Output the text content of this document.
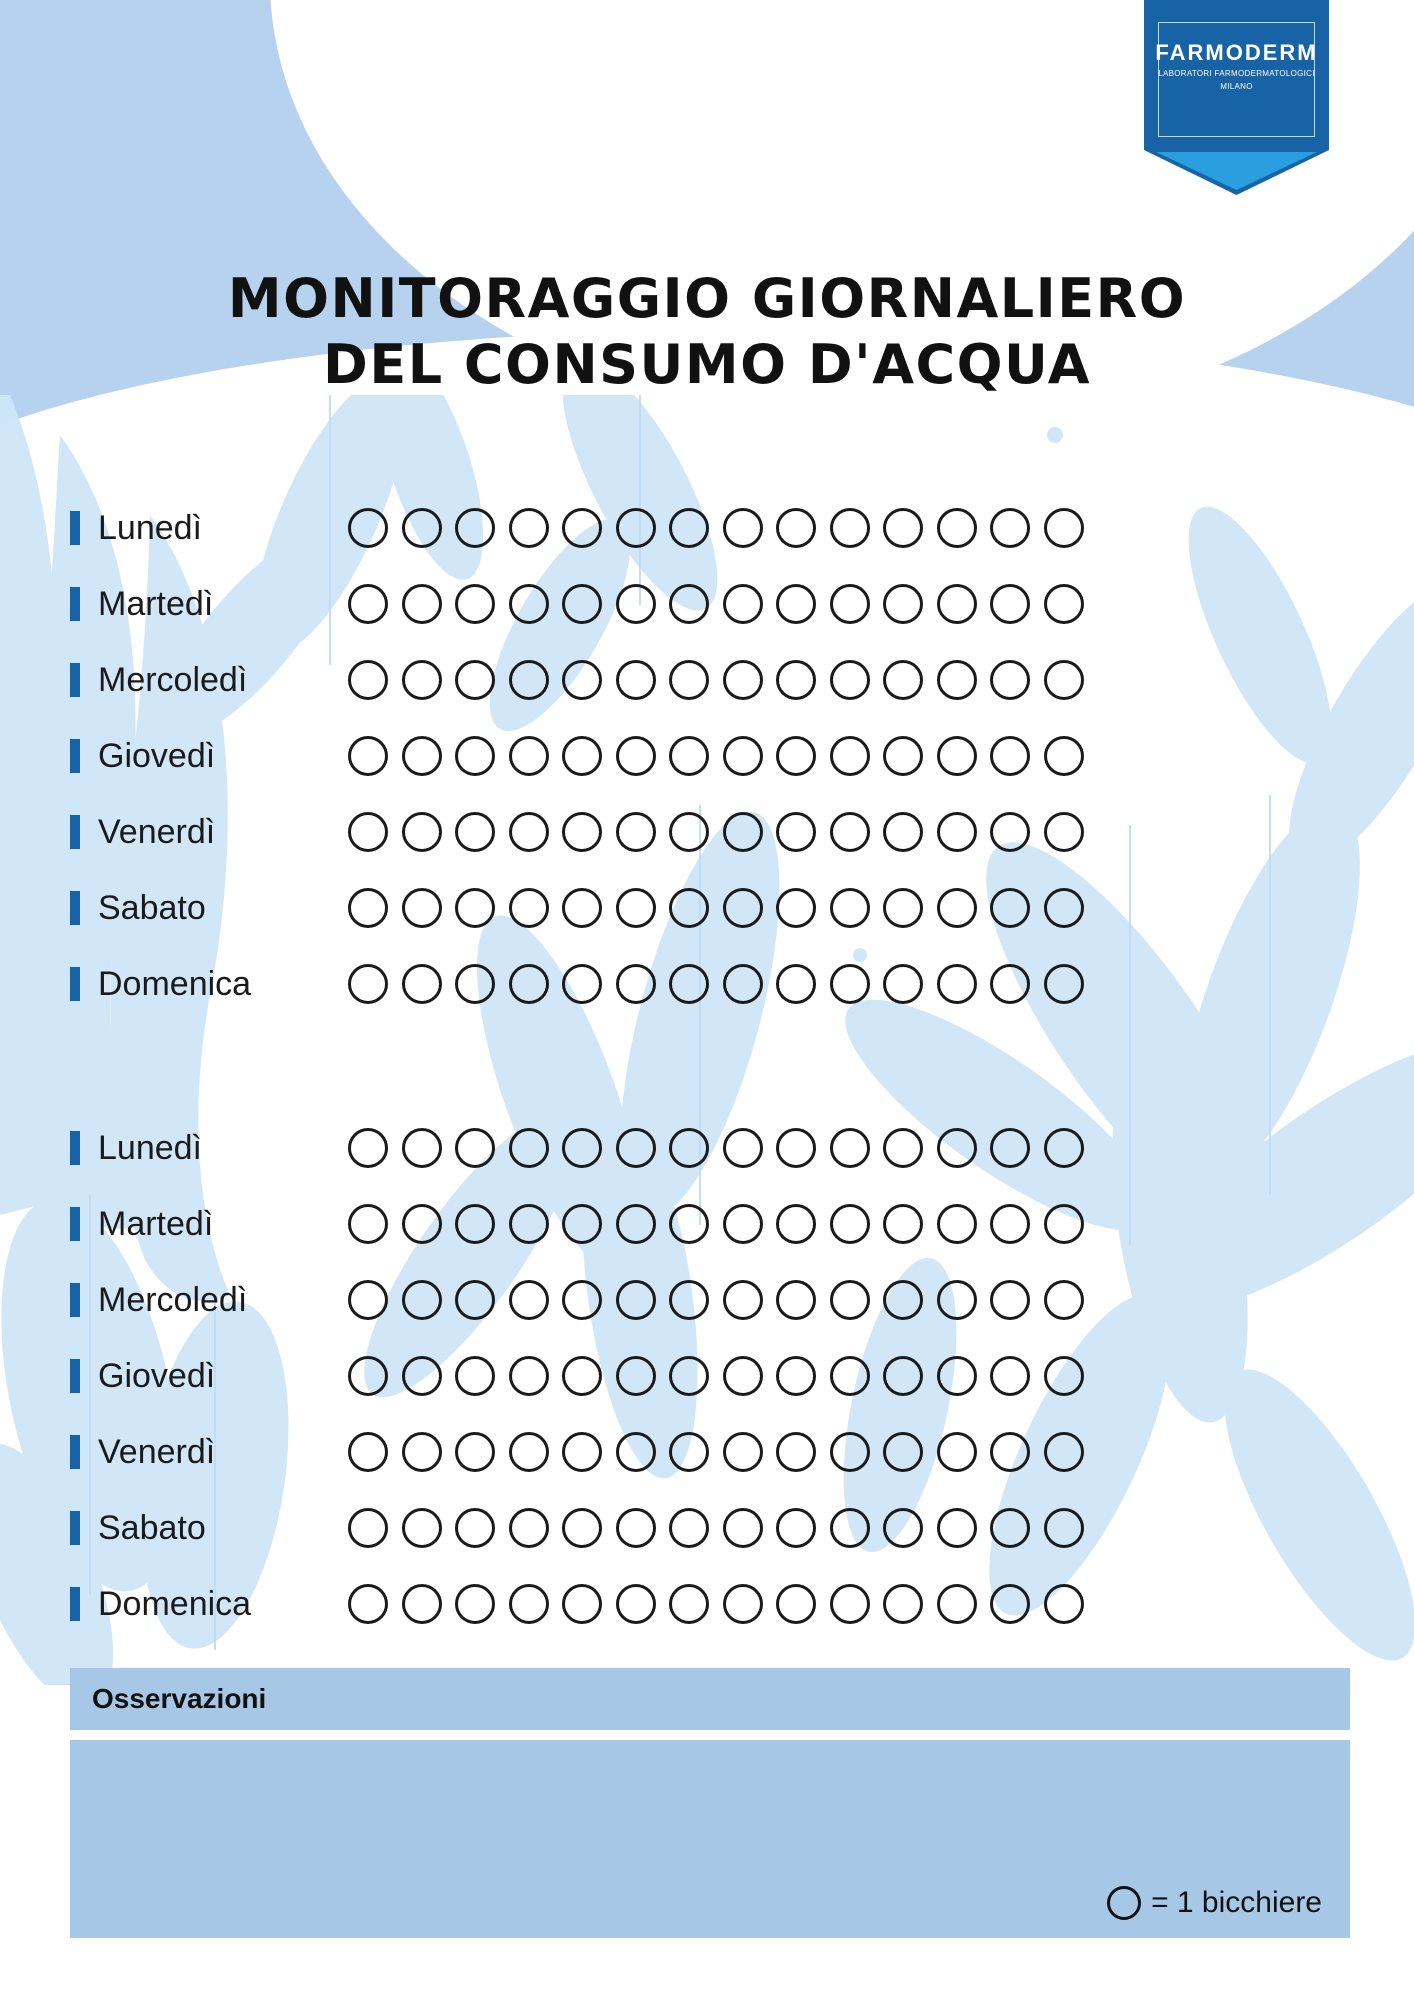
FARMODERM
LABORATORI FARMODERMATOLOGICI
MILANO
MONITORAGGIO GIORNALIERO
DEL CONSUMO D'ACQUA
Lunedì
Martedì
Mercoledì
Giovedì
Venerdì
Sabato
Domenica
Lunedì
Martedì
Mercoledì
Giovedì
Venerdì
Sabato
Domenica
Osservazioni
= 1 bicchiere
